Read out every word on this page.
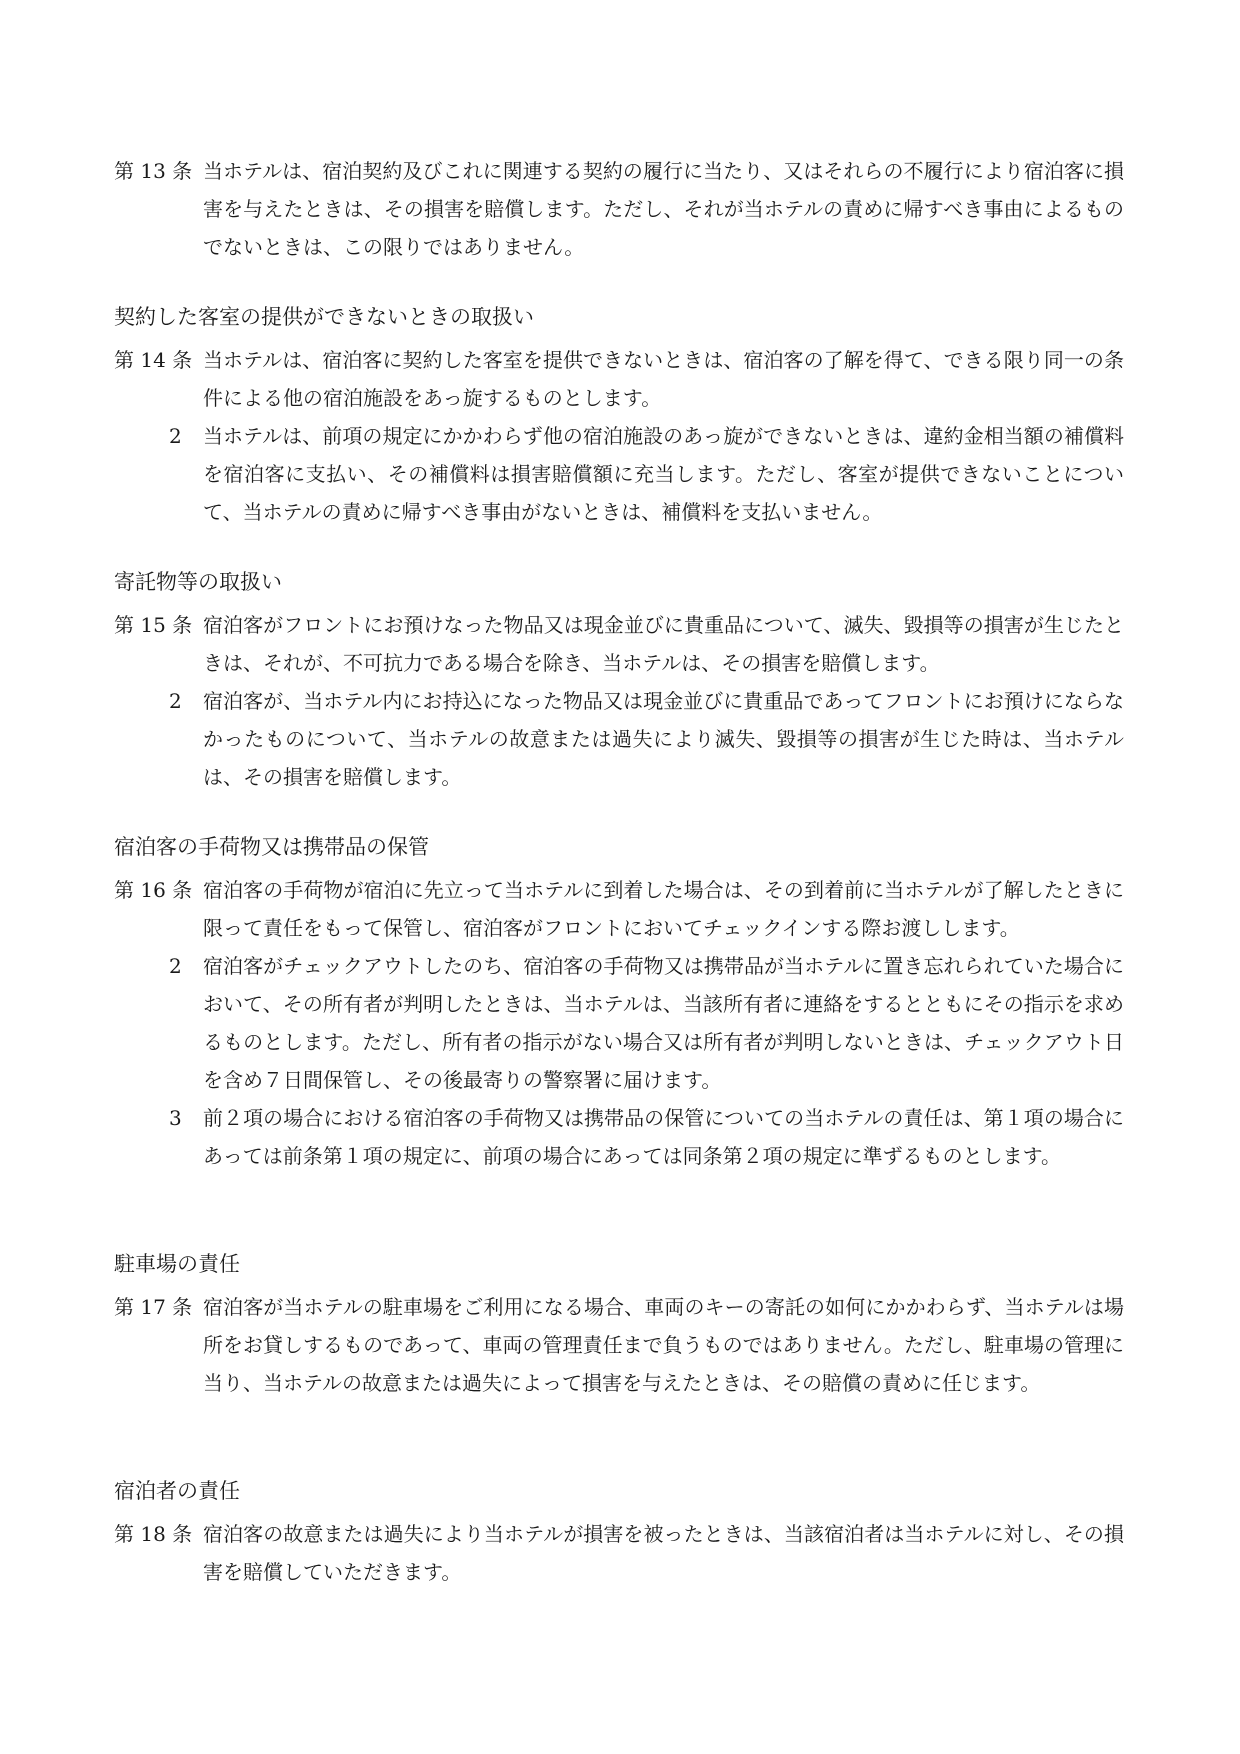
第 13 条 当ホテルは、宿泊契約及びこれに関連する契約の履行に当たり、又はそれらの不履行により宿泊客に損害を与えたときは、その損害を賠償します。ただし、それが当ホテルの責めに帰すべき事由によるものでないときは、この限りではありません。
契約した客室の提供ができないときの取扱い
第 14 条 当ホテルは、宿泊客に契約した客室を提供できないときは、宿泊客の了解を得て、できる限り同一の条件による他の宿泊施設をあっ旋するものとします。
2 当ホテルは、前項の規定にかかわらず他の宿泊施設のあっ旋ができないときは、違約金相当額の補償料を宿泊客に支払い、その補償料は損害賠償額に充当します。ただし、客室が提供できないことについて、当ホテルの責めに帰すべき事由がないときは、補償料を支払いません。
寄託物等の取扱い
第 15 条 宿泊客がフロントにお預けなった物品又は現金並びに貴重品について、滅失、毀損等の損害が生じたときは、それが、不可抗力である場合を除き、当ホテルは、その損害を賠償します。
2 宿泊客が、当ホテル内にお持込になった物品又は現金並びに貴重品であってフロントにお預けにならなかったものについて、当ホテルの故意または過失により滅失、毀損等の損害が生じた時は、当ホテルは、その損害を賠償します。
宿泊客の手荷物又は携帯品の保管
第 16 条 宿泊客の手荷物が宿泊に先立って当ホテルに到着した場合は、その到着前に当ホテルが了解したときに限って責任をもって保管し、宿泊客がフロントにおいてチェックインする際お渡しします。
2 宿泊客がチェックアウトしたのち、宿泊客の手荷物又は携帯品が当ホテルに置き忘れられていた場合において、その所有者が判明したときは、当ホテルは、当該所有者に連絡をするとともにその指示を求めるものとします。ただし、所有者の指示がない場合又は所有者が判明しないときは、チェックアウト日を含め７日間保管し、その後最寄りの警察署に届けます。
3 前２項の場合における宿泊客の手荷物又は携帯品の保管についての当ホテルの責任は、第１項の場合にあっては前条第１項の規定に、前項の場合にあっては同条第２項の規定に準ずるものとします。
駐車場の責任
第 17 条 宿泊客が当ホテルの駐車場をご利用になる場合、車両のキーの寄託の如何にかかわらず、当ホテルは場所をお貸しするものであって、車両の管理責任まで負うものではありません。ただし、駐車場の管理に当り、当ホテルの故意または過失によって損害を与えたときは、その賠償の責めに任じます。
宿泊者の責任
第 18 条 宿泊客の故意または過失により当ホテルが損害を被ったときは、当該宿泊者は当ホテルに対し、その損害を賠償していただきます。
